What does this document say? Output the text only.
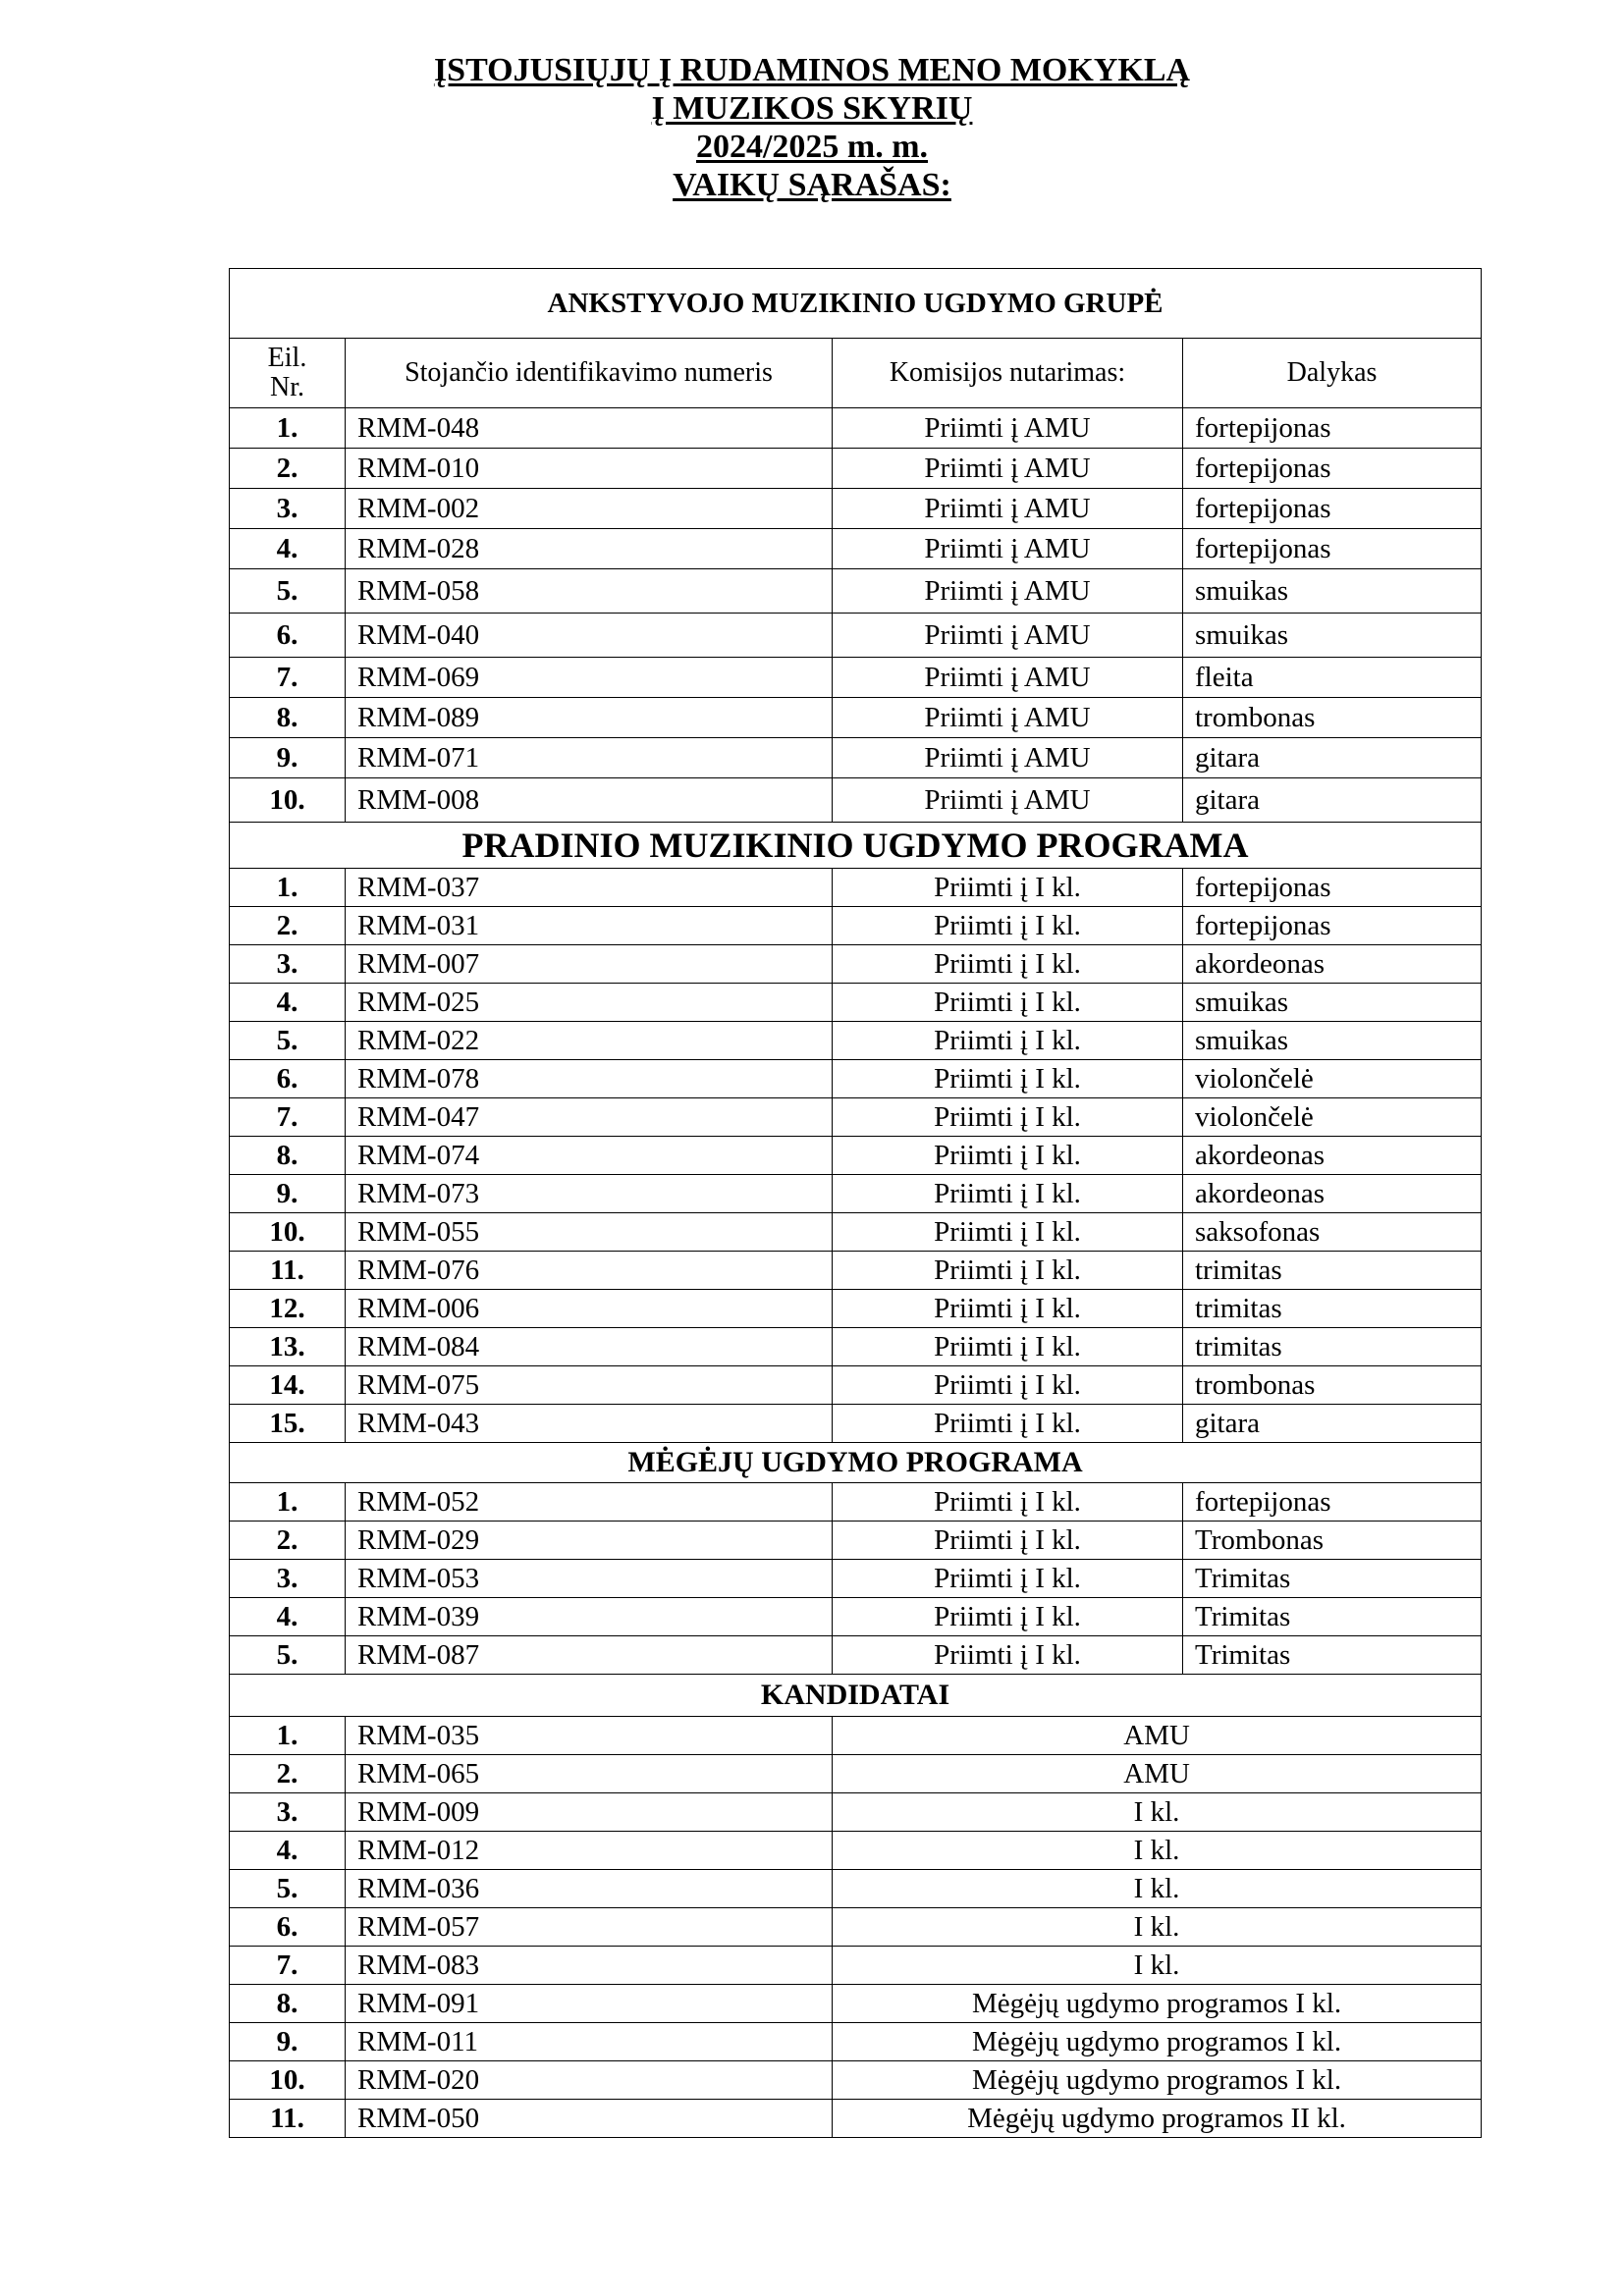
ĮSTOJUSIŲJŲ Į RUDAMINOS MENO MOKYKLĄ
Į MUZIKOS SKYRIŲ
2024/2025 m. m.
VAIKŲ SĄRAŠAS:
ANKSTYVOJO MUZIKINIO UGDYMO GRUPĖ			

Eil.
Nr.	Stojančio identifikavimo numeris	Komisijos nutarimas:	Dalykas
1.	RMM-048	Priimti į AMU	fortepijonas
2.	RMM-010	Priimti į AMU	fortepijonas
3.	RMM-002	Priimti į AMU	fortepijonas
4.	RMM-028	Priimti į AMU	fortepijonas
5.	RMM-058	Priimti į AMU	smuikas
6.	RMM-040	Priimti į AMU	smuikas
7.	RMM-069	Priimti į AMU	fleita
8.	RMM-089	Priimti į AMU	trombonas
9.	RMM-071	Priimti į AMU	gitara
10.	RMM-008	Priimti į AMU	gitara
PRADINIO MUZIKINIO UGDYMO PROGRAMA			
1.	RMM-037	Priimti į I kl.	fortepijonas
2.	RMM-031	Priimti į I kl.	fortepijonas
3.	RMM-007	Priimti į I kl.	akordeonas
4.	RMM-025	Priimti į I kl.	smuikas
5.	RMM-022	Priimti į I kl.	smuikas
6.	RMM-078	Priimti į I kl.	violončelė
7.	RMM-047	Priimti į I kl.	violončelė
8.	RMM-074	Priimti į I kl.	akordeonas
9.	RMM-073	Priimti į I kl.	akordeonas
10.	RMM-055	Priimti į I kl.	saksofonas
11.	RMM-076	Priimti į I kl.	trimitas
12.	RMM-006	Priimti į I kl.	trimitas
13.	RMM-084	Priimti į I kl.	trimitas
14.	RMM-075	Priimti į I kl.	trombonas
15.	RMM-043	Priimti į I kl.	gitara
MĖGĖJŲ UGDYMO PROGRAMA			
1.	RMM-052	Priimti į I kl.	fortepijonas
2.	RMM-029	Priimti į I kl.	Trombonas
3.	RMM-053	Priimti į I kl.	Trimitas
4.	RMM-039	Priimti į I kl.	Trimitas
5.	RMM-087	Priimti į I kl.	Trimitas
KANDIDATAI			
1.	RMM-035	AMU	
2.	RMM-065	AMU	
3.	RMM-009	I kl.	
4.	RMM-012	I kl.	
5.	RMM-036	I kl.	
6.	RMM-057	I kl.	
7.	RMM-083	I kl.	
8.	RMM-091	Mėgėjų ugdymo programos I kl.	
9.	RMM-011	Mėgėjų ugdymo programos I kl.	
10.	RMM-020	Mėgėjų ugdymo programos I kl.	
11.	RMM-050	Mėgėjų ugdymo programos II kl.	
